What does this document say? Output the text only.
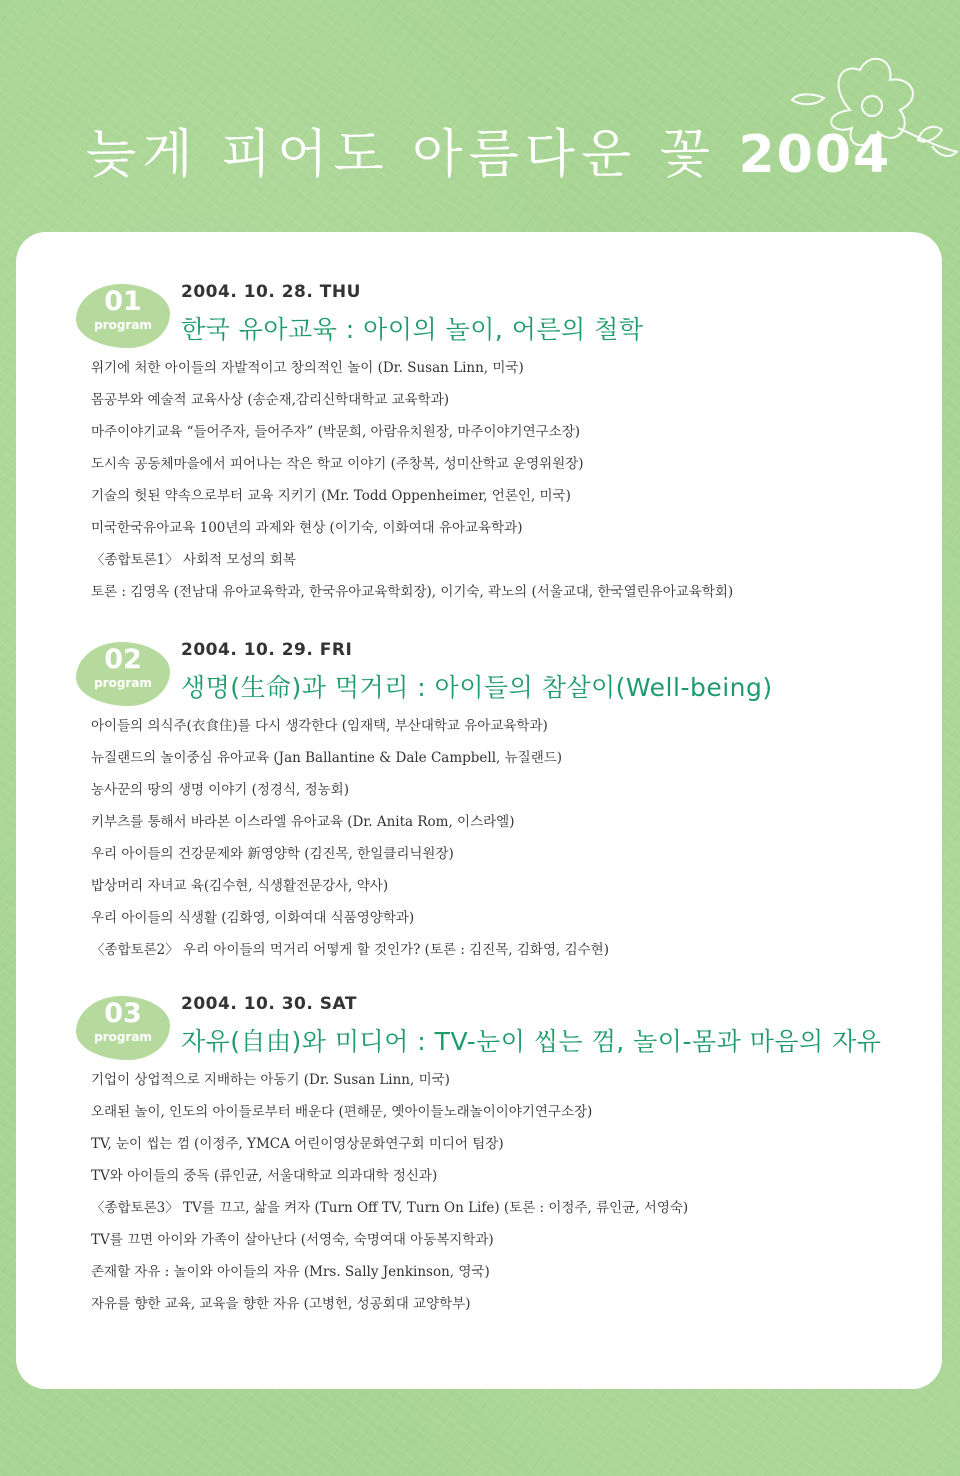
늦게 피어도 아름다운 꽃 2004
01
program

2004. 10. 28. THU

한국 유아교육 : 아이의 놀이, 어른의 철학
위기에 처한 아이들의 자발적이고 창의적인 놀이 (Dr. Susan Linn, 미국)
몸공부와 예술적 교육사상 (송순재,감리신학대학교 교육학과)
마주이야기교육 “들어주자, 들어주자” (박문희, 아람유치원장, 마주이야기연구소장)
도시속 공동체마을에서 피어나는 작은 학교 이야기 (주창복, 성미산학교 운영위원장)
기술의 헛된 약속으로부터 교육 지키기 (Mr. Todd Oppenheimer, 언론인, 미국)
미국한국유아교육 100년의 과제와 현상 (이기숙, 이화여대 유아교육학과)
〈종합토론1〉 사회적 모성의 회복
토론 : 김영옥 (전남대 유아교육학과, 한국유아교육학회장), 이기숙, 곽노의 (서울교대, 한국열린유아교육학회)
02
program

2004. 10. 29. FRI

생명(生命)과 먹거리 : 아이들의 참살이(Well-being)
아이들의 의식주(衣食住)를 다시 생각한다 (임재택, 부산대학교 유아교육학과)
뉴질랜드의 놀이중심 유아교육 (Jan Ballantine & Dale Campbell, 뉴질랜드)
농사꾼의 땅의 생명 이야기 (정경식, 정농회)
키부츠를 통해서 바라본 이스라엘 유아교육 (Dr. Anita Rom, 이스라엘)
우리 아이들의 건강문제와 新영양학 (김진목, 한일클리닉원장)
밥상머리 자녀교 육(김수현, 식생활전문강사, 약사)
우리 아이들의 식생활 (김화영, 이화여대 식품영양학과)
〈종합토론2〉 우리 아이들의 먹거리 어떻게 할 것인가? (토론 : 김진목, 김화영, 김수현)
03
program

2004. 10. 30. SAT

자유(自由)와 미디어 : TV-눈이 씹는 껌, 놀이-몸과 마음의 자유
기업이 상업적으로 지배하는 아동기 (Dr. Susan Linn, 미국)
오래된 놀이, 인도의 아이들로부터 배운다 (편해문, 옛아이들노래놀이이야기연구소장)
TV, 눈이 씹는 껌 (이정주, YMCA 어린이영상문화연구회 미디어 팀장)
TV와 아이들의 중독 (류인균, 서울대학교 의과대학 정신과)
〈종합토론3〉 TV를 끄고, 삶을 켜자 (Turn Off TV, Turn On Life) (토론 : 이정주, 류인균, 서영숙)
TV를 끄면 아이와 가족이 살아난다 (서영숙, 숙명여대 아동복지학과)
존재할 자유 : 놀이와 아이들의 자유 (Mrs. Sally Jenkinson, 영국)
자유를 향한 교육, 교육을 향한 자유 (고병헌, 성공회대 교양학부)
